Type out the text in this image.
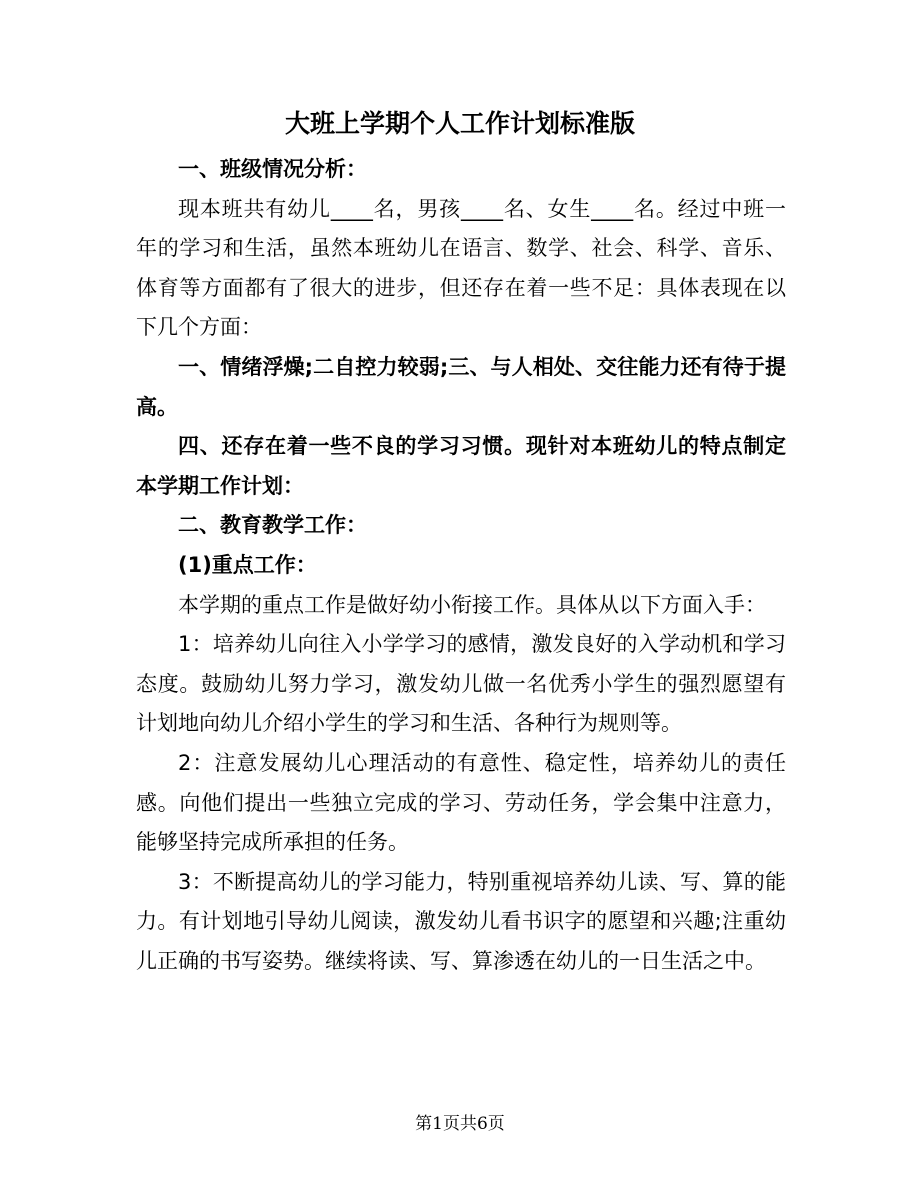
大班上学期个人工作计划标准版

一、班级情况分析：

现本班共有幼儿____名，男孩____名、女生____名。经过中班一年的学习和生活，虽然本班幼儿在语言、数学、社会、科学、音乐、体育等方面都有了很大的进步，但还存在着一些不足：具体表现在以下几个方面：

一、情绪浮燥;二自控力较弱;三、与人相处、交往能力还有待于提高。

四、还存在着一些不良的学习习惯。现针对本班幼儿的特点制定本学期工作计划：

二、教育教学工作：

(1)重点工作：

本学期的重点工作是做好幼小衔接工作。具体从以下方面入手：

1：培养幼儿向往入小学学习的感情，激发良好的入学动机和学习态度。鼓励幼儿努力学习，激发幼儿做一名优秀小学生的强烈愿望有计划地向幼儿介绍小学生的学习和生活、各种行为规则等。

2：注意发展幼儿心理活动的有意性、稳定性，培养幼儿的责任感。向他们提出一些独立完成的学习、劳动任务，学会集中注意力，能够坚持完成所承担的任务。

3：不断提高幼儿的学习能力，特别重视培养幼儿读、写、算的能力。有计划地引导幼儿阅读，激发幼儿看书识字的愿望和兴趣;注重幼儿正确的书写姿势。继续将读、写、算渗透在幼儿的一日生活之中。

第1页共6页
